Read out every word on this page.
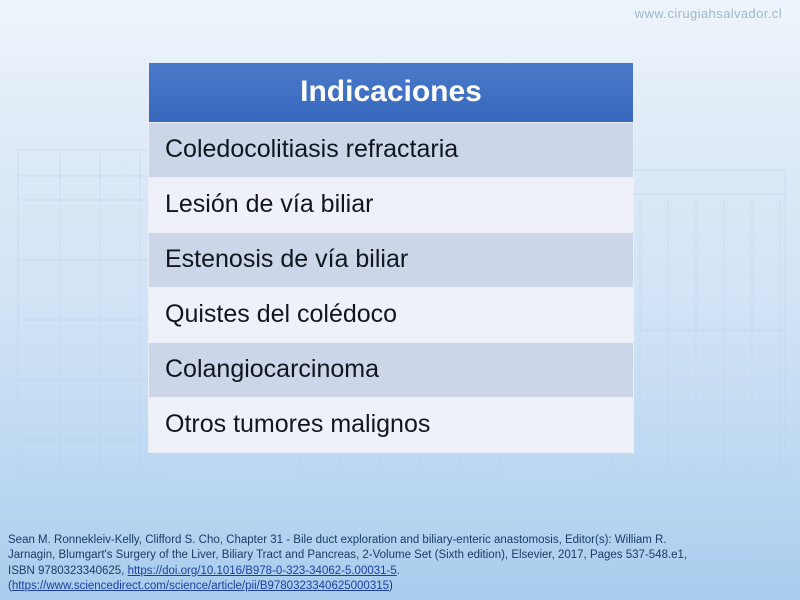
www.cirugiahsalvador.cl
Indicaciones
Coledocolitiasis refractaria
Lesión de vía biliar
Estenosis de vía biliar
Quistes del colédoco
Colangiocarcinoma
Otros tumores malignos
Sean M. Ronnekleiv-Kelly, Clifford S. Cho, Chapter 31 - Bile duct exploration and biliary-enteric anastomosis, Editor(s): William R.
Jarnagin, Blumgart's Surgery of the Liver, Biliary Tract and Pancreas, 2-Volume Set (Sixth edition), Elsevier, 2017, Pages 537-548.e1,
ISBN 9780323340625, https://doi.org/10.1016/B978-0-323-34062-5.00031-5.
(https://www.sciencedirect.com/science/article/pii/B9780323340625000315)
